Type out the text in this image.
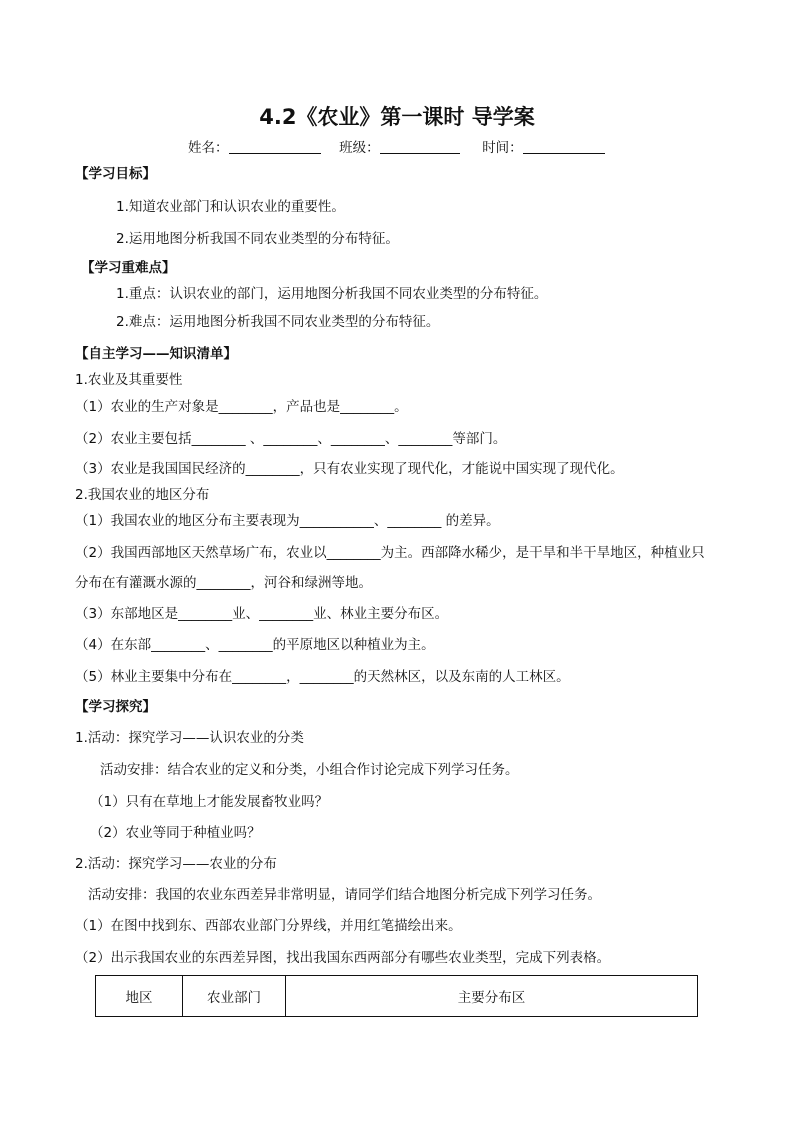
4.2《农业》第一课时 导学案
姓名：	班级：	时间：
【学习目标】
1.知道农业部门和认识农业的重要性。
2.运用地图分析我国不同农业类型的分布特征。
【学习重难点】
1.重点：认识农业的部门，运用地图分析我国不同农业类型的分布特征。
2.难点：运用地图分析我国不同农业类型的分布特征。
【自主学习——知识清单】
1.农业及其重要性
（1）农业的生产对象是________，产品也是________。
（2）农业主要包括________ 、________、________、________等部门。
（3）农业是我国国民经济的________，只有农业实现了现代化，才能说中国实现了现代化。
2.我国农业的地区分布
（1）我国农业的地区分布主要表现为___________、________ 的差异。
（2）我国西部地区天然草场广布，农业以________为主。西部降水稀少，是干旱和半干旱地区，种植业只
分布在有灌溉水源的________，河谷和绿洲等地。
（3）东部地区是________业、________业、林业主要分布区。
（4）在东部________、________的平原地区以种植业为主。
（5）林业主要集中分布在________，________的天然林区，以及东南的人工林区。
【学习探究】
1.活动：探究学习——认识农业的分类
活动安排：结合农业的定义和分类，小组合作讨论完成下列学习任务。
（1）只有在草地上才能发展畜牧业吗？
（2）农业等同于种植业吗？
2.活动：探究学习——农业的分布
活动安排：我国的农业东西差异非常明显，请同学们结合地图分析完成下列学习任务。
（1）在图中找到东、西部农业部门分界线，并用红笔描绘出来。
（2）出示我国农业的东西差异图，找出我国东西两部分有哪些农业类型，完成下列表格。
地区	农业部门	主要分布区
